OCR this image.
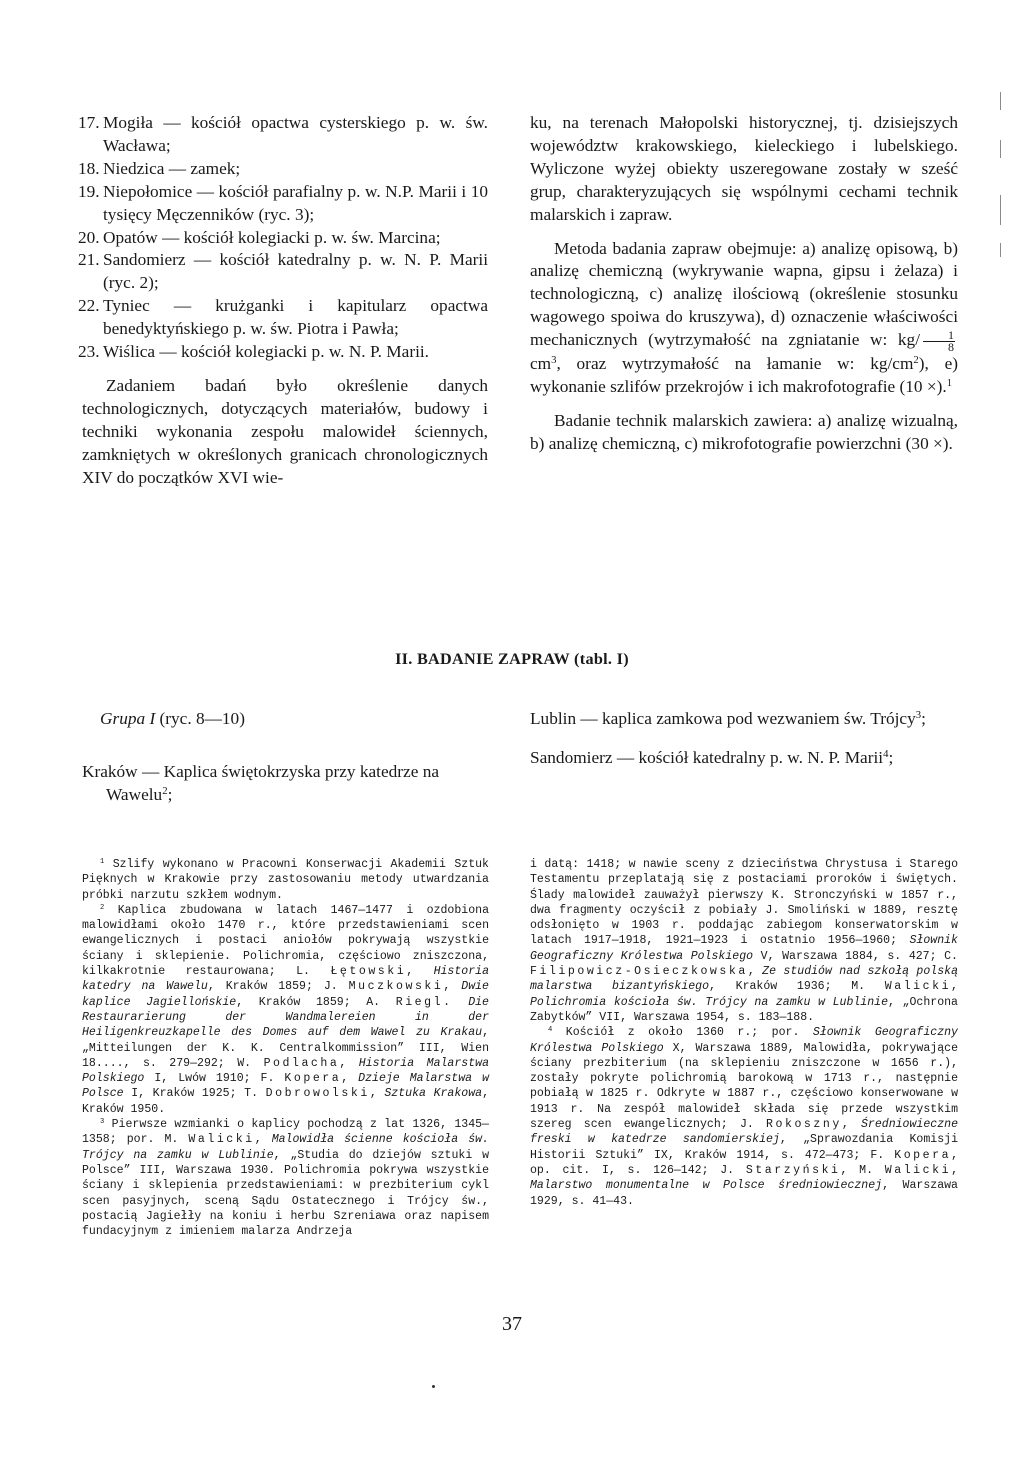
17. Mogiła — kościół opactwa cysterskiego p. w. św. Wacława;
18. Niedzica — zamek;
19. Niepołomice — kościół parafialny p. w. N.P. Marii i 10 tysięcy Męczenników (ryc. 3);
20. Opatów — kościół kolegiacki p. w. św. Marcina;
21. Sandomierz — kościół katedralny p. w. N. P. Marii (ryc. 2);
22. Tyniec — krużganki i kapitularz opactwa benedyktyńskiego p. w. św. Piotra i Pawła;
23. Wiślica — kościół kolegiacki p. w. N. P. Marii.

Zadaniem badań było określenie danych technologicznych, dotyczących materiałów, budowy i techniki wykonania zespołu malowideł ściennych, zamkniętych w określonych granicach chronologicznych XIV do początków XVI wie-

ku, na terenach Małopolski historycznej, tj. dzisiejszych województw krakowskiego, kieleckiego i lubelskiego. Wyliczone wyżej obiekty uszeregowane zostały w sześć grup, charakteryzujących się wspólnymi cechami technik malarskich i zapraw.

Metoda badania zapraw obejmuje: a) analizę opisową, b) analizę chemiczną (wykrywanie wapna, gipsu i żelaza) i technologiczną, c) analizę ilościową (określenie stosunku wagowego spoiwa do kruszywa), d) oznaczenie właściwości mechanicznych (wytrzymałość na zgniatanie w: $kg/ \frac{1}{8}$
$cm^3$, oraz wytrzymałość na łamanie w: $kg/cm^2$), e) wykonanie szlifów przekrojów i ich makrofotografie (10 ×).$^1$

Badanie technik malarskich zawiera: a) analizę wizualną, b) analizę chemiczną, c) mikrofotografie powierzchni (30 ×).

II. BADANIE ZAPRAW (tabl. I)

Grupa I (ryc. 8—10)

Kraków — Kaplica świętokrzyska przy katedrze na Wawelu$^2$;

Lublin — kaplica zamkowa pod wezwaniem św. Trójcy$^3$;

Sandomierz — kościół katedralny p. w. N. P. Marii$^4$;

$^1$ Szlify wykonano w Pracowni Konserwacji Akademii Sztuk Pięknych w Krakowie przy zastosowaniu metody utwardzania próbki narzutu szkłem wodnym.

$^2$ Kaplica zbudowana w latach 1467—1477 i ozdobiona malowidłami około 1470 r., które przedstawieniami scen ewangelicznych i postaci aniołów pokrywają wszystkie ściany i sklepienie. Polichromia, częściowo zniszczona, kilkakrotnie restaurowana; L. Łętowski, Historia katedry na Wawelu, Kraków 1859; J. Muczkowski, Dwie kaplice Jagiellońskie, Kraków 1859; A. Riegl. Die Restaurarierung der Wandmalereien in der Heiligenkreuzkapelle des Domes auf dem Wawel zu Krakau, „Mitteilungen der K. K. Centralkommission” III, Wien 18...., s. 279—292; W. Podlacha, Historia Malarstwa Polskiego I, Lwów 1910; F. Kopera, Dzieje Malarstwa w Polsce I, Kraków 1925; T. Dobrowolski, Sztuka Krakowa, Kraków 1950.

$^3$ Pierwsze wzmianki o kaplicy pochodzą z lat 1326, 1345—1358; por. M. Walicki, Malowidła ścienne kościoła św. Trójcy na zamku w Lublinie, „Studia do dziejów sztuki w Polsce” III, Warszawa 1930. Polichromia pokrywa wszystkie ściany i sklepienia przedstawieniami: w prezbiterium cykl scen pasyjnych, sceną Sądu Ostatecznego i Trójcy św., postacią Jagiełły na koniu i herbu Szreniawa oraz napisem fundacyjnym z imieniem malarza Andrzeja

i datą: 1418; w nawie sceny z dzieciństwa Chrystusa i Starego Testamentu przeplatają się z postaciami proroków i świętych. Ślady malowideł zauważył pierwszy K. Stronczyński w 1857 r., dwa fragmenty oczyścił z pobiały J. Smoliński w 1889, resztę odsłonięto w 1903 r. poddając zabiegom konserwatorskim w latach 1917—1918, 1921—1923 i ostatnio 1956—1960; Słownik Geograficzny Królestwa Polskiego V, Warszawa 1884, s. 427; C. Filipowicz-Osieczkowska, Ze studiów nad szkołą polską malarstwa bizantyńskiego, Kraków 1936; M. Walicki, Polichromia kościoła św. Trójcy na zamku w Lublinie, „Ochrona Zabytków” VII, Warszawa 1954, s. 183—188.

$^4$ Kościół z około 1360 r.; por. Słownik Geograficzny Królestwa Polskiego X, Warszawa 1889, Malowidła, pokrywające ściany prezbiterium (na sklepieniu zniszczone w 1656 r.), zostały pokryte polichromią barokową w 1713 r., następnie pobiałą w 1825 r. Odkryte w 1887 r., częściowo konserwowane w 1913 r. Na zespół malowideł składa się przede wszystkim szereg scen ewangelicznych; J. Rokoszny, Średniowieczne freski w katedrze sandomierskiej, „Sprawozdania Komisji Historii Sztuki” IX, Kraków 1914, s. 472—473; F. Kopera, op. cit. I, s. 126—142; J. Starzyński, M. Walicki, Malarstwo monumentalne w Polsce średniowiecznej, Warszawa 1929, s. 41—43.

37
